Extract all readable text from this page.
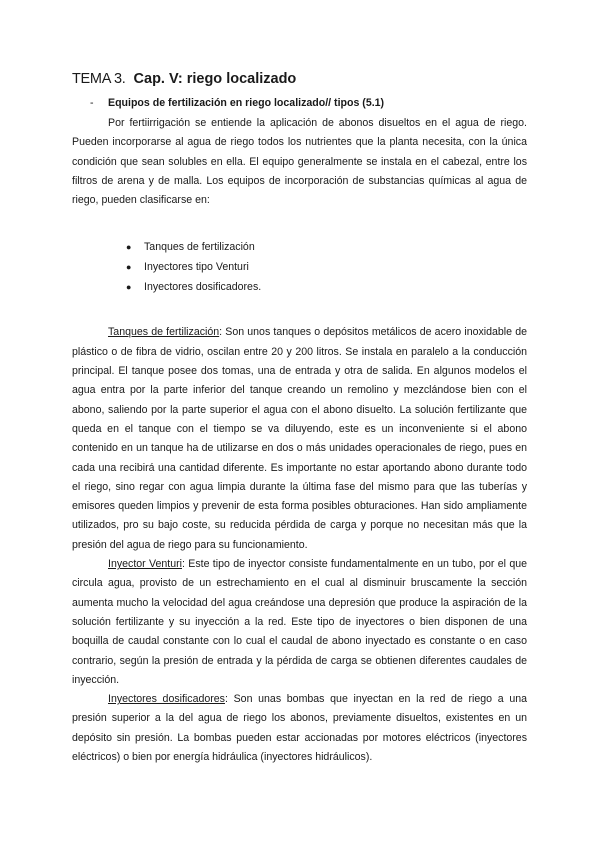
TEMA 3. Cap. V: riego localizado
- Equipos de fertilización en riego localizado// tipos (5.1)

Por fertiirrigación se entiende la aplicación de abonos disueltos en el agua de riego. Pueden incorporarse al agua de riego todos los nutrientes que la planta necesita, con la única condición que sean solubles en ella. El equipo generalmente se instala en el cabezal, entre los filtros de arena y de malla. Los equipos de incorporación de substancias químicas al agua de riego, pueden clasificarse en:

● Tanques de fertilización
● Inyectores tipo Venturi
● Inyectores dosificadores.

Tanques de fertilización: Son unos tanques o depósitos metálicos de acero inoxidable de plástico o de fibra de vidrio, oscilan entre 20 y 200 litros. Se instala en paralelo a la conducción principal. El tanque posee dos tomas, una de entrada y otra de salida. En algunos modelos el agua entra por la parte inferior del tanque creando un remolino y mezclándose bien con el abono, saliendo por la parte superior el agua con el abono disuelto. La solución fertilizante que queda en el tanque con el tiempo se va diluyendo, este es un inconveniente si el abono contenido en un tanque ha de utilizarse en dos o más unidades operacionales de riego, pues en cada una recibirá una cantidad diferente. Es importante no estar aportando abono durante todo el riego, sino regar con agua limpia durante la última fase del mismo para que las tuberías y emisores queden limpios y prevenir de esta forma posibles obturaciones. Han sido ampliamente utilizados, pro su bajo coste, su reducida pérdida de carga y porque no necesitan más que la presión del agua de riego para su funcionamiento.

Inyector Venturi: Este tipo de inyector consiste fundamentalmente en un tubo, por el que circula agua, provisto de un estrechamiento en el cual al disminuir bruscamente la sección aumenta mucho la velocidad del agua creándose una depresión que produce la aspiración de la solución fertilizante y su inyección a la red. Este tipo de inyectores o bien disponen de una boquilla de caudal constante con lo cual el caudal de abono inyectado es constante o en caso contrario, según la presión de entrada y la pérdida de carga se obtienen diferentes caudales de inyección.

Inyectores dosificadores: Son unas bombas que inyectan en la red de riego a una presión superior a la del agua de riego los abonos, previamente disueltos, existentes en un depósito sin presión. La bombas pueden estar accionadas por motores eléctricos (inyectores eléctricos) o bien por energía hidráulica (inyectores hidráulicos).
